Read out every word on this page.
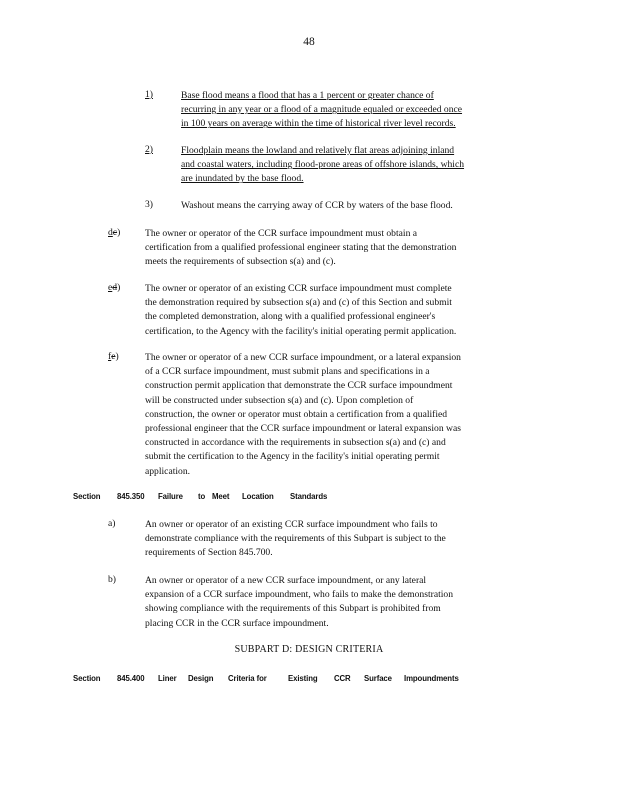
48
1)	Base flood means a flood that has a 1 percent or greater chance of
recurring in any year or a flood of a magnitude equaled or exceeded once
in 100 years on average within the time of historical river level records.
2)	Floodplain means the lowland and relatively flat areas adjoining inland
and coastal waters, including flood-prone areas of offshore islands, which
are inundated by the base flood.
3)	Washout means the carrying away of CCR by waters of the base flood.
dc)	The owner or operator of the CCR surface impoundment must obtain a
certification from a qualified professional engineer stating that the demonstration
meets the requirements of subsection s(a) and (c).
ed)	The owner or operator of an existing CCR surface impoundment must complete
the demonstration required by subsection s(a) and (c) of this Section and submit
the completed demonstration, along with a qualified professional engineer's
certification, to the Agency with the facility's initial operating permit application.
fe)	The owner or operator of a new CCR surface impoundment, or a lateral expansion
of a CCR surface impoundment, must submit plans and specifications in a
construction permit application that demonstrate the CCR surface impoundment
will be constructed under subsection s(a) and (c). Upon completion of
construction, the owner or operator must obtain a certification from a qualified
professional engineer that the CCR surface impoundment or lateral expansion was
constructed in accordance with the requirements in subsection s(a) and (c) and
submit the certification to the Agency in the facility's initial operating permit
application.
Section 845.350 Failure to Meet Location Standards
a)	An owner or operator of an existing CCR surface impoundment who fails to
demonstrate compliance with the requirements of this Subpart is subject to the
requirements of Section 845.700.
b)	An owner or operator of a new CCR surface impoundment, or any lateral
expansion of a CCR surface impoundment, who fails to make the demonstration
showing compliance with the requirements of this Subpart is prohibited from
placing CCR in the CCR surface impoundment.
SUBPART D: DESIGN CRITERIA
Section 845.400 Liner Design Criteria for	Existing CCR Surface Impoundments
